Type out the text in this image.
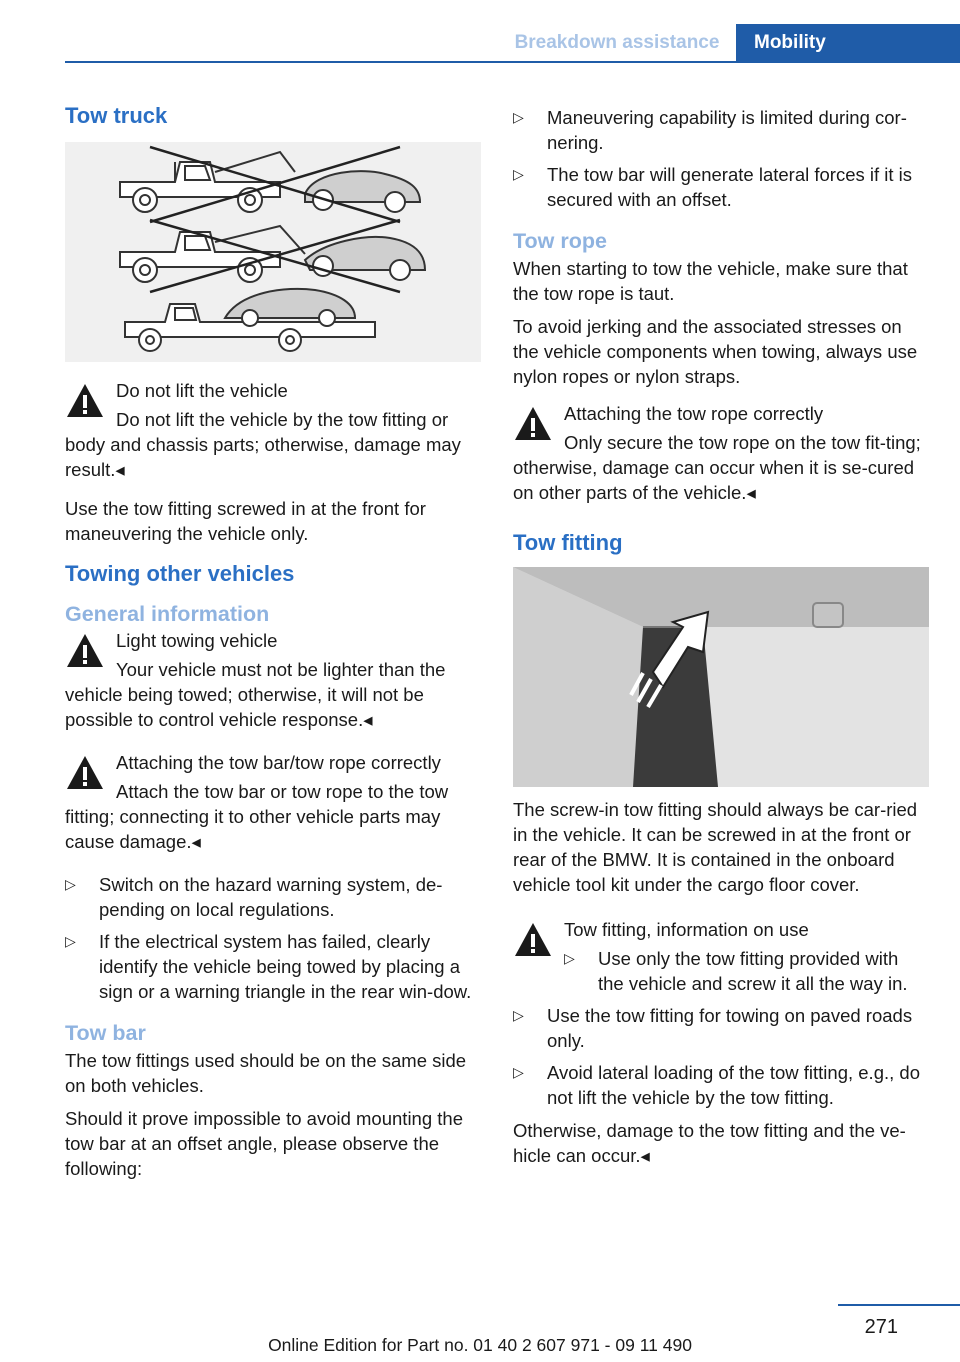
Breakdown assistance	Mobility
Tow truck
Do not lift the vehicle
Do not lift the vehicle by the tow fitting or body and chassis parts; otherwise, damage may result.◂

Use the tow fitting screwed in at the front for maneuvering the vehicle only.

Towing other vehicles
General information
Light towing vehicle
Your vehicle must not be lighter than the vehicle being towed; otherwise, it will not be possible to control vehicle response.◂
Attaching the tow bar/tow rope correctly
Attach the tow bar or tow rope to the tow fitting; connecting it to other vehicle parts may cause damage.◂
▷ Switch on the hazard warning system, de‐pending on local regulations.
▷ If the electrical system has failed, clearly identify the vehicle being towed by placing a sign or a warning triangle in the rear win‐dow.
Tow bar

The tow fittings used should be on the same side on both vehicles.

Should it prove impossible to avoid mounting the tow bar at an offset angle, please observe the following:

▷ Maneuvering capability is limited during cor‐nering.
▷ The tow bar will generate lateral forces if it is secured with an offset.
Tow rope

When starting to tow the vehicle, make sure that the tow rope is taut.

To avoid jerking and the associated stresses on the vehicle components when towing, always use nylon ropes or nylon straps.

Attaching the tow rope correctly
Only secure the tow rope on the tow fit‐ting; otherwise, damage can occur when it is se‐cured on other parts of the vehicle.◂
Tow fitting

The screw-in tow fitting should always be car‐ried in the vehicle. It can be screwed in at the front or rear of the BMW. It is contained in the onboard vehicle tool kit under the cargo floor cover.

Tow fitting, information on use
▷ Use only the tow fitting provided with the vehicle and screw it all the way in.
▷ Use the tow fitting for towing on paved roads only.
▷ Avoid lateral loading of the tow fitting, e.g., do not lift the vehicle by the tow fitting.

Otherwise, damage to the tow fitting and the ve‐hicle can occur.◂

271
Online Edition for Part no. 01 40 2 607 971 - 09 11 490
